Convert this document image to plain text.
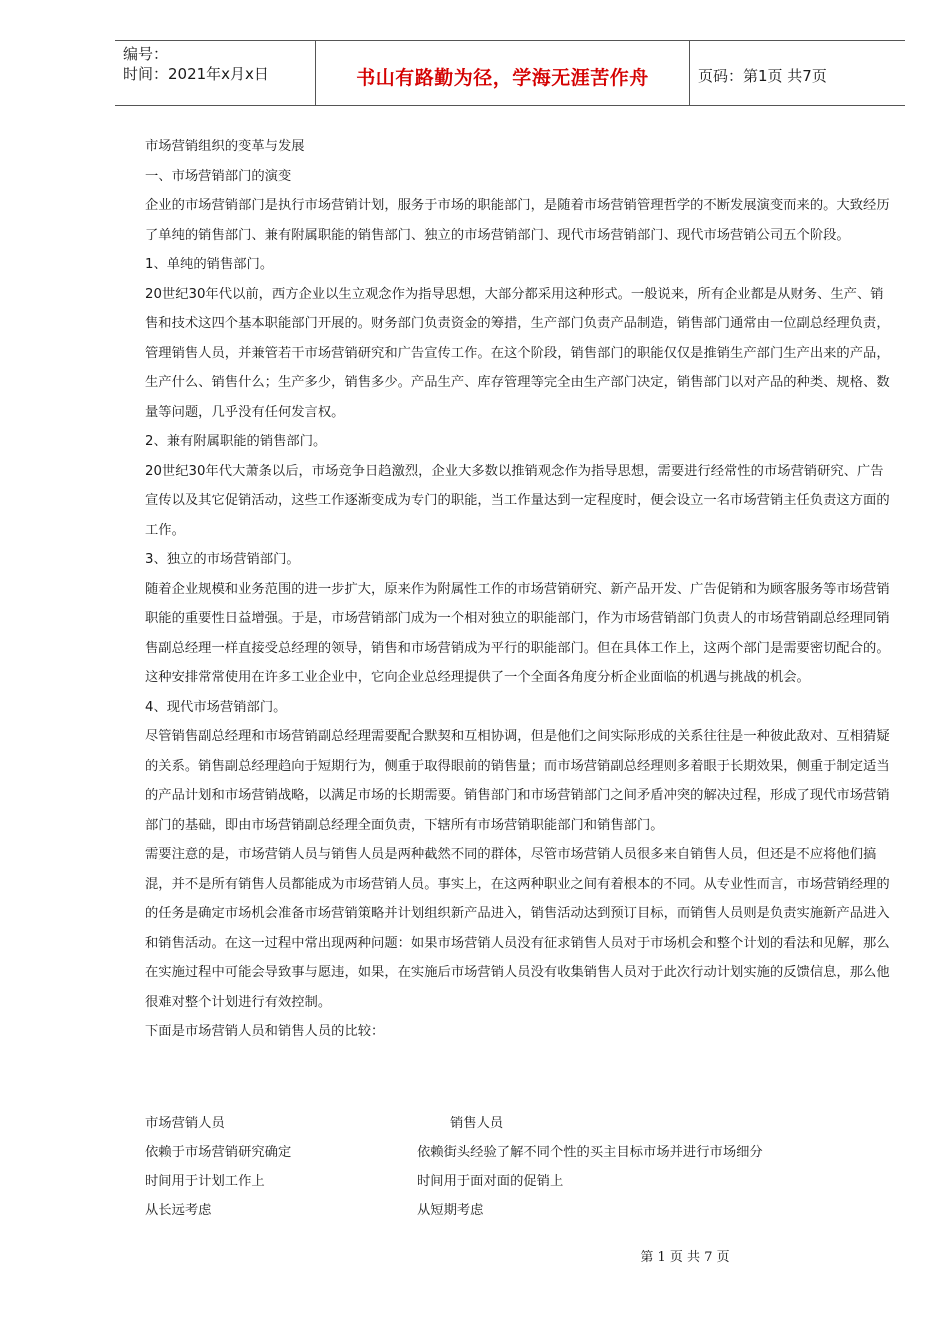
编号：
时间：2021年x月x日	书山有路勤为径，学海无涯苦作舟	页码：第1页 共7页

市场营销组织的变革与发展

一、市场营销部门的演变

企业的市场营销部门是执行市场营销计划，服务于市场的职能部门，是随着市场营销管理哲学的不断发展演变而来的。大致经历了单纯的销售部门、兼有附属职能的销售部门、独立的市场营销部门、现代市场营销部门、现代市场营销公司五个阶段。

1、单纯的销售部门。

20世纪30年代以前，西方企业以生立观念作为指导思想，大部分都采用这种形式。一般说来，所有企业都是从财务、生产、销售和技术这四个基本职能部门开展的。财务部门负责资金的筹措，生产部门负责产品制造，销售部门通常由一位副总经理负责，管理销售人员，并兼管若干市场营销研究和广告宣传工作。在这个阶段，销售部门的职能仅仅是推销生产部门生产出来的产品，生产什么、销售什么；生产多少，销售多少。产品生产、库存管理等完全由生产部门决定，销售部门以对产品的种类、规格、数量等问题，几乎没有任何发言权。

2、兼有附属职能的销售部门。

20世纪30年代大萧条以后，市场竞争日趋激烈，企业大多数以推销观念作为指导思想，需要进行经常性的市场营销研究、广告宣传以及其它促销活动，这些工作逐渐变成为专门的职能，当工作量达到一定程度时，便会设立一名市场营销主任负责这方面的工作。

3、独立的市场营销部门。

随着企业规模和业务范围的进一步扩大，原来作为附属性工作的市场营销研究、新产品开发、广告促销和为顾客服务等市场营销职能的重要性日益增强。于是，市场营销部门成为一个相对独立的职能部门，作为市场营销部门负责人的市场营销副总经理同销售副总经理一样直接受总经理的领导，销售和市场营销成为平行的职能部门。但在具体工作上，这两个部门是需要密切配合的。这种安排常常使用在许多工业企业中，它向企业总经理提供了一个全面各角度分析企业面临的机遇与挑战的机会。

4、现代市场营销部门。

尽管销售副总经理和市场营销副总经理需要配合默契和互相协调，但是他们之间实际形成的关系往往是一种彼此敌对、互相猜疑的关系。销售副总经理趋向于短期行为，侧重于取得眼前的销售量；而市场营销副总经理则多着眼于长期效果，侧重于制定适当的产品计划和市场营销战略，以满足市场的长期需要。销售部门和市场营销部门之间矛盾冲突的解决过程，形成了现代市场营销部门的基础，即由市场营销副总经理全面负责，下辖所有市场营销职能部门和销售部门。

需要注意的是，市场营销人员与销售人员是两种截然不同的群体，尽管市场营销人员很多来自销售人员，但还是不应将他们搞混，并不是所有销售人员都能成为市场营销人员。事实上，在这两种职业之间有着根本的不同。从专业性而言，市场营销经理的的任务是确定市场机会准备市场营销策略并计划组织新产品进入，销售活动达到预订目标，而销售人员则是负责实施新产品进入和销售活动。在这一过程中常出现两种问题：如果市场营销人员没有征求销售人员对于市场机会和整个计划的看法和见解，那么在实施过程中可能会导致事与愿违，如果，在实施后市场营销人员没有收集销售人员对于此次行动计划实施的反馈信息，那么他很难对整个计划进行有效控制。

下面是市场营销人员和销售人员的比较：

市场营销人员	销售人员
依赖于市场营销研究确定	依赖街头经验了解不同个性的买主目标市场并进行市场细分
时间用于计划工作上	时间用于面对面的促销上
从长远考虑	从短期考虑
第 1 页 共 7 页
